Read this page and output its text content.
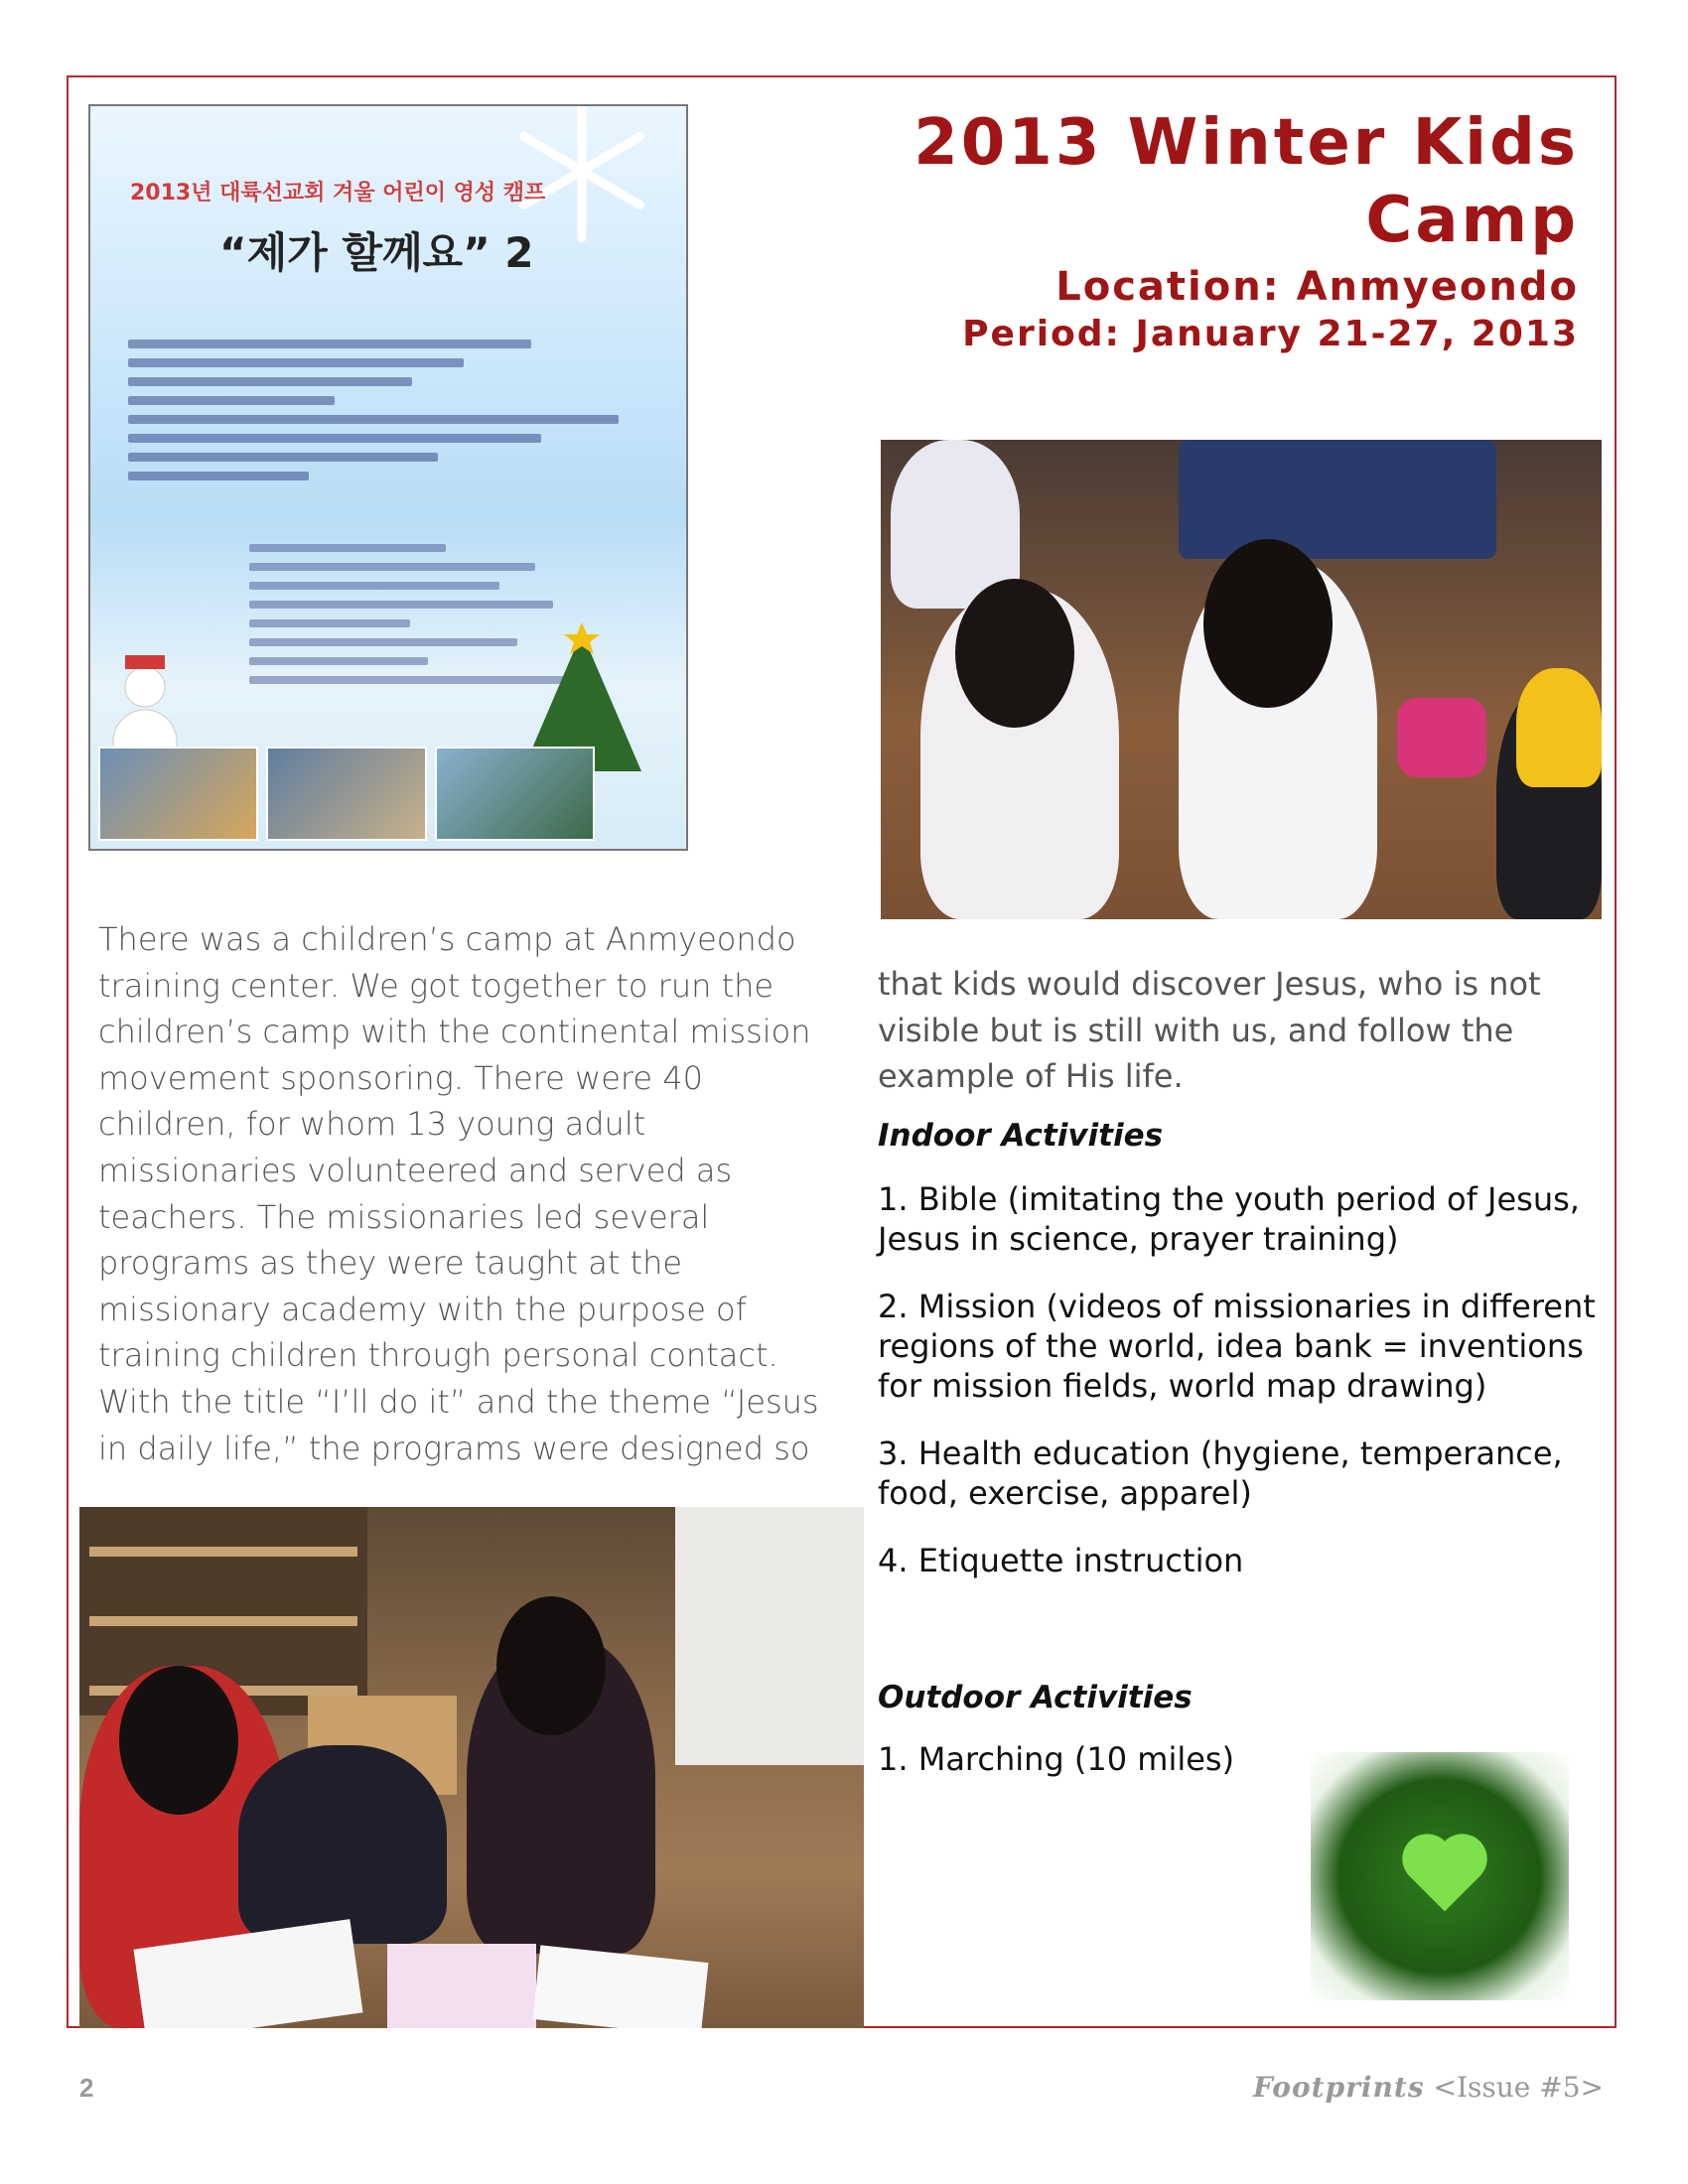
2013년 대륙선교회 겨울 어린이 영성 캠프
“제가 할께요” 2
2013 Winter Kids Camp
Location: Anmyeondo
Period: January 21-27, 2013
There was a children’s camp at Anmyeondo training center. We got together to run the children’s camp with the continental mission movement sponsoring. There were 40 children, for whom 13 young adult missionaries volunteered and served as teachers. The missionaries led several programs as they were taught at the missionary academy with the purpose of training children through personal contact. With the title “I’ll do it” and the theme “Jesus in daily life,” the programs were designed so
that kids would discover Jesus, who is not visible but is still with us, and follow the example of His life.
Indoor Activities
1. Bible (imitating the youth period of Jesus, Jesus in science, prayer training)
2. Mission (videos of missionaries in different regions of the world, idea bank = inventions for mission fields, world map drawing)
3. Health education (hygiene, temperance, food, exercise, apparel)
4. Etiquette instruction
Outdoor Activities
1. Marching (10 miles)
2	Footprints <Issue #5>
